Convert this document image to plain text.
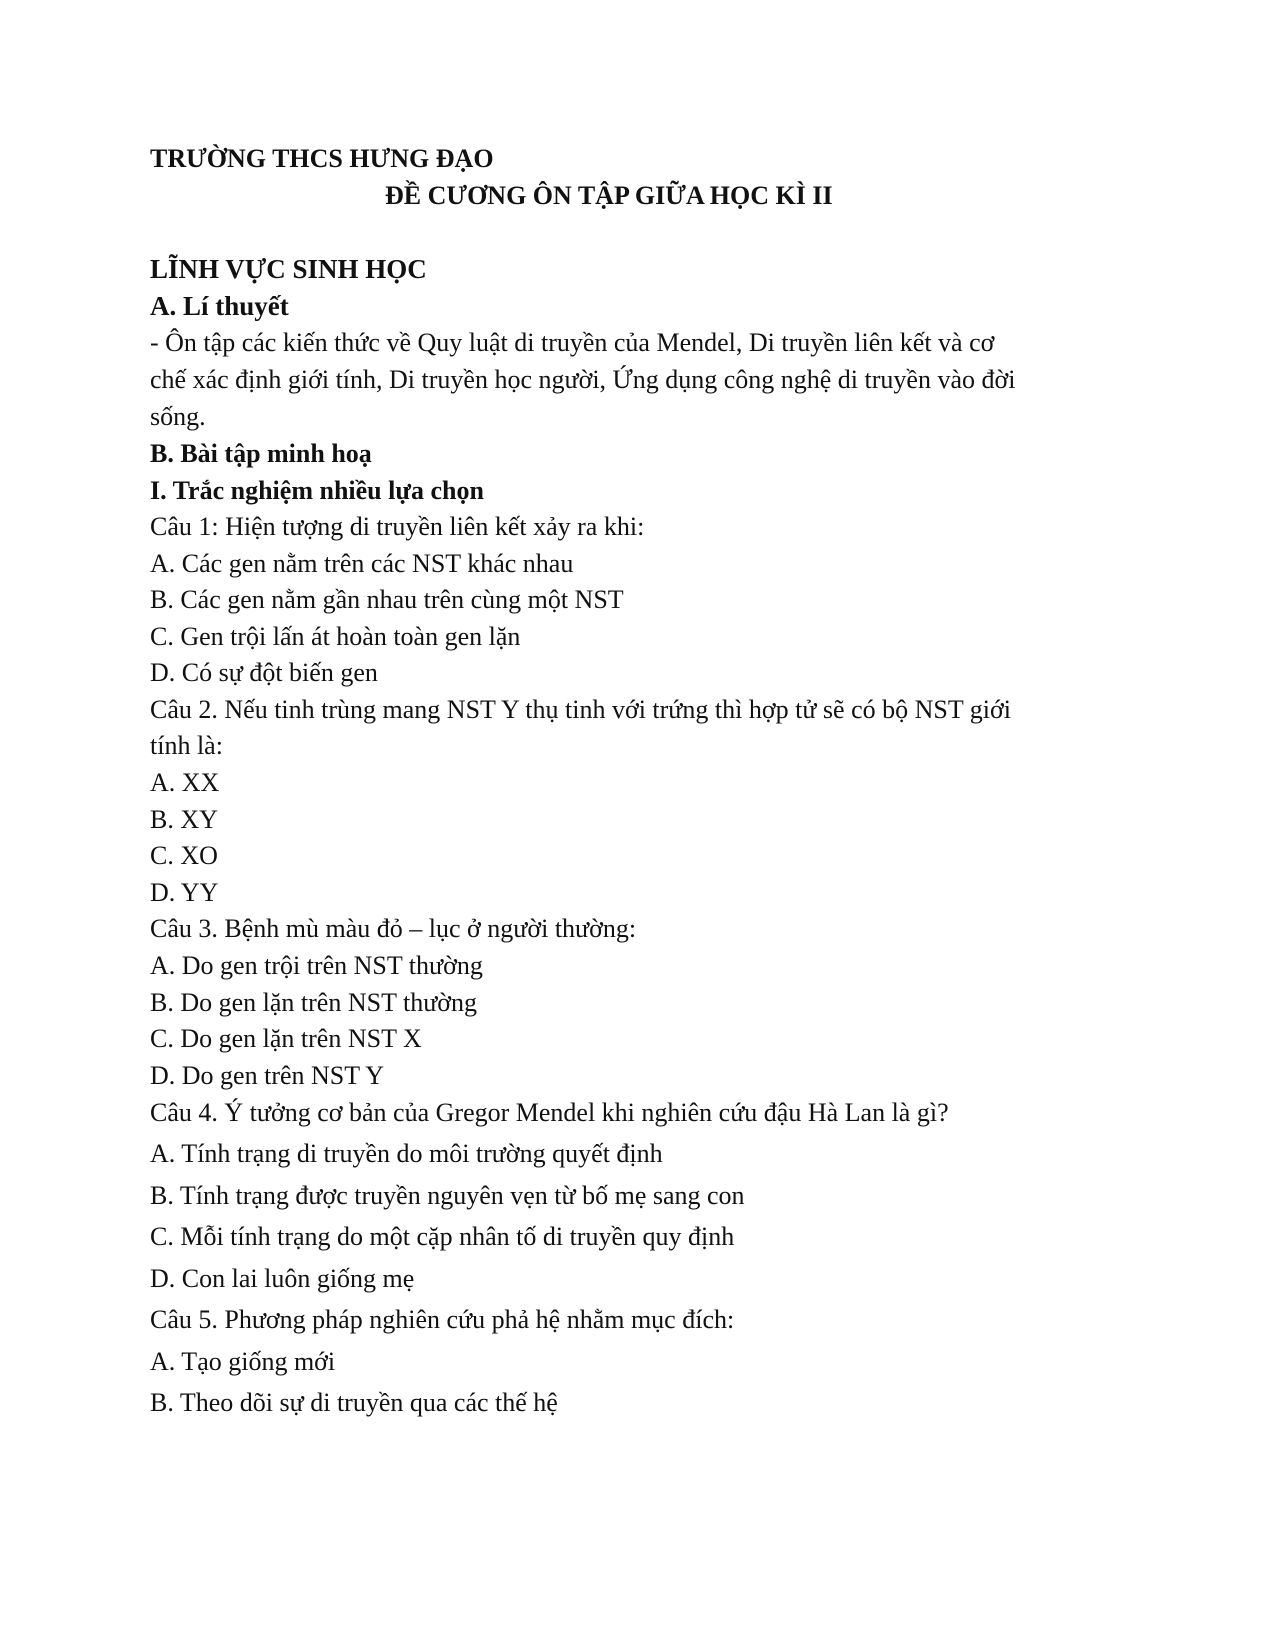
TRƯỜNG THCS HƯNG ĐẠO
ĐỀ CƯƠNG ÔN TẬP GIỮA HỌC KÌ II
LĨNH VỰC SINH HỌC
A. Lí thuyết
- Ôn tập các kiến thức về Quy luật di truyền của Mendel, Di truyền liên kết và cơ
chế xác định giới tính, Di truyền học người, Ứng dụng công nghệ di truyền vào đời
sống.
B. Bài tập minh hoạ
I. Trắc nghiệm nhiều lựa chọn
Câu 1: Hiện tượng di truyền liên kết xảy ra khi:
A. Các gen nằm trên các NST khác nhau
B. Các gen nằm gần nhau trên cùng một NST
C. Gen trội lấn át hoàn toàn gen lặn
D. Có sự đột biến gen
Câu 2. Nếu tinh trùng mang NST Y thụ tinh với trứng thì hợp tử sẽ có bộ NST giới
tính là:
A. XX
B. XY
C. XO
D. YY
Câu 3. Bệnh mù màu đỏ – lục ở người thường:
A. Do gen trội trên NST thường
B. Do gen lặn trên NST thường
C. Do gen lặn trên NST X
D. Do gen trên NST Y
Câu 4. Ý tưởng cơ bản của Gregor Mendel khi nghiên cứu đậu Hà Lan là gì?
A. Tính trạng di truyền do môi trường quyết định
B. Tính trạng được truyền nguyên vẹn từ bố mẹ sang con
C. Mỗi tính trạng do một cặp nhân tố di truyền quy định
D. Con lai luôn giống mẹ
Câu 5. Phương pháp nghiên cứu phả hệ nhằm mục đích:
A. Tạo giống mới
B. Theo dõi sự di truyền qua các thế hệ
